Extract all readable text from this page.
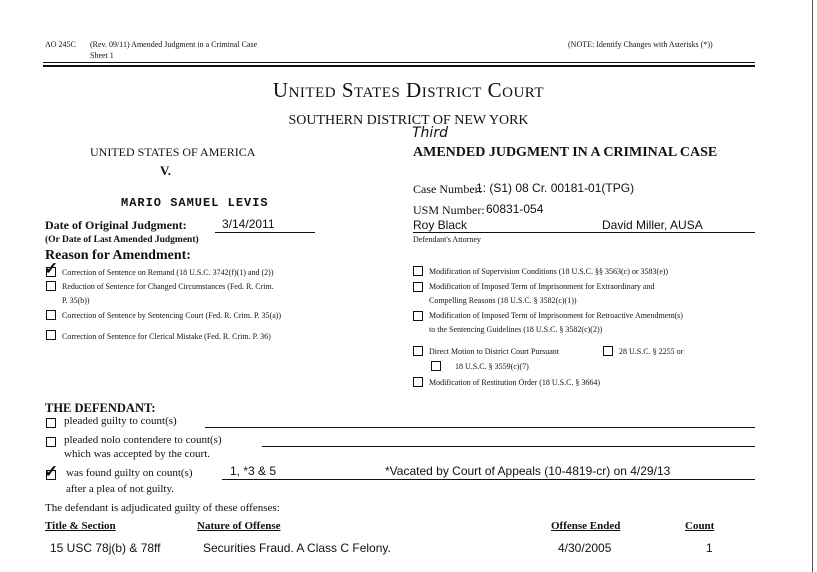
AO 245C (Rev. 09/11) Amended Judgment in a Criminal Case
Sheet 1
(NOTE: Identify Changes with Asterisks (*))
United States District Court
SOUTHERN DISTRICT OF NEW YORK
Third
UNITED STATES OF AMERICA
V.
AMENDED JUDGMENT IN A CRIMINAL CASE
MARIO SAMUEL LEVIS
Case Number:
1: (S1) 08 Cr. 00181-01(TPG)
USM Number: 60831-054
Roy Black	David Miller, AUSA
Defendant's Attorney
Date of Original Judgment:	3/14/2011
(Or Date of Last Amended Judgment)
Reason for Amendment:
✓ Correction of Sentence on Remand (18 U.S.C. 3742(f)(1) and (2))
Reduction of Sentence for Changed Circumstances (Fed. R. Crim.
P. 35(b))
Correction of Sentence by Sentencing Court (Fed. R. Crim. P. 35(a))
Correction of Sentence for Clerical Mistake (Fed. R. Crim. P. 36)
Modification of Supervision Conditions (18 U.S.C. §§ 3563(c) or 3583(e))
Modification of Imposed Term of Imprisonment for Extraordinary and
Compelling Reasons (18 U.S.C. § 3582(c)(1))
Modification of Imposed Term of Imprisonment for Retroactive Amendment(s)
to the Sentencing Guidelines (18 U.S.C. § 3582(c)(2))
Direct Motion to District Court Pursuant	28 U.S.C. § 2255 or
18 U.S.C. § 3559(c)(7)
Modification of Restitution Order (18 U.S.C. § 3664)
THE DEFENDANT:
pleaded guilty to count(s)
pleaded nolo contendere to count(s)
which was accepted by the court.
✓ was found guilty on count(s)	1, *3 & 5	*Vacated by Court of Appeals (10-4819-cr) on 4/29/13
after a plea of not guilty.
The defendant is adjudicated guilty of these offenses:
Title & Section	Nature of Offense	Offense Ended	Count
15 USC 78j(b) & 78ff	Securities Fraud. A Class C Felony.	4/30/2005	1
